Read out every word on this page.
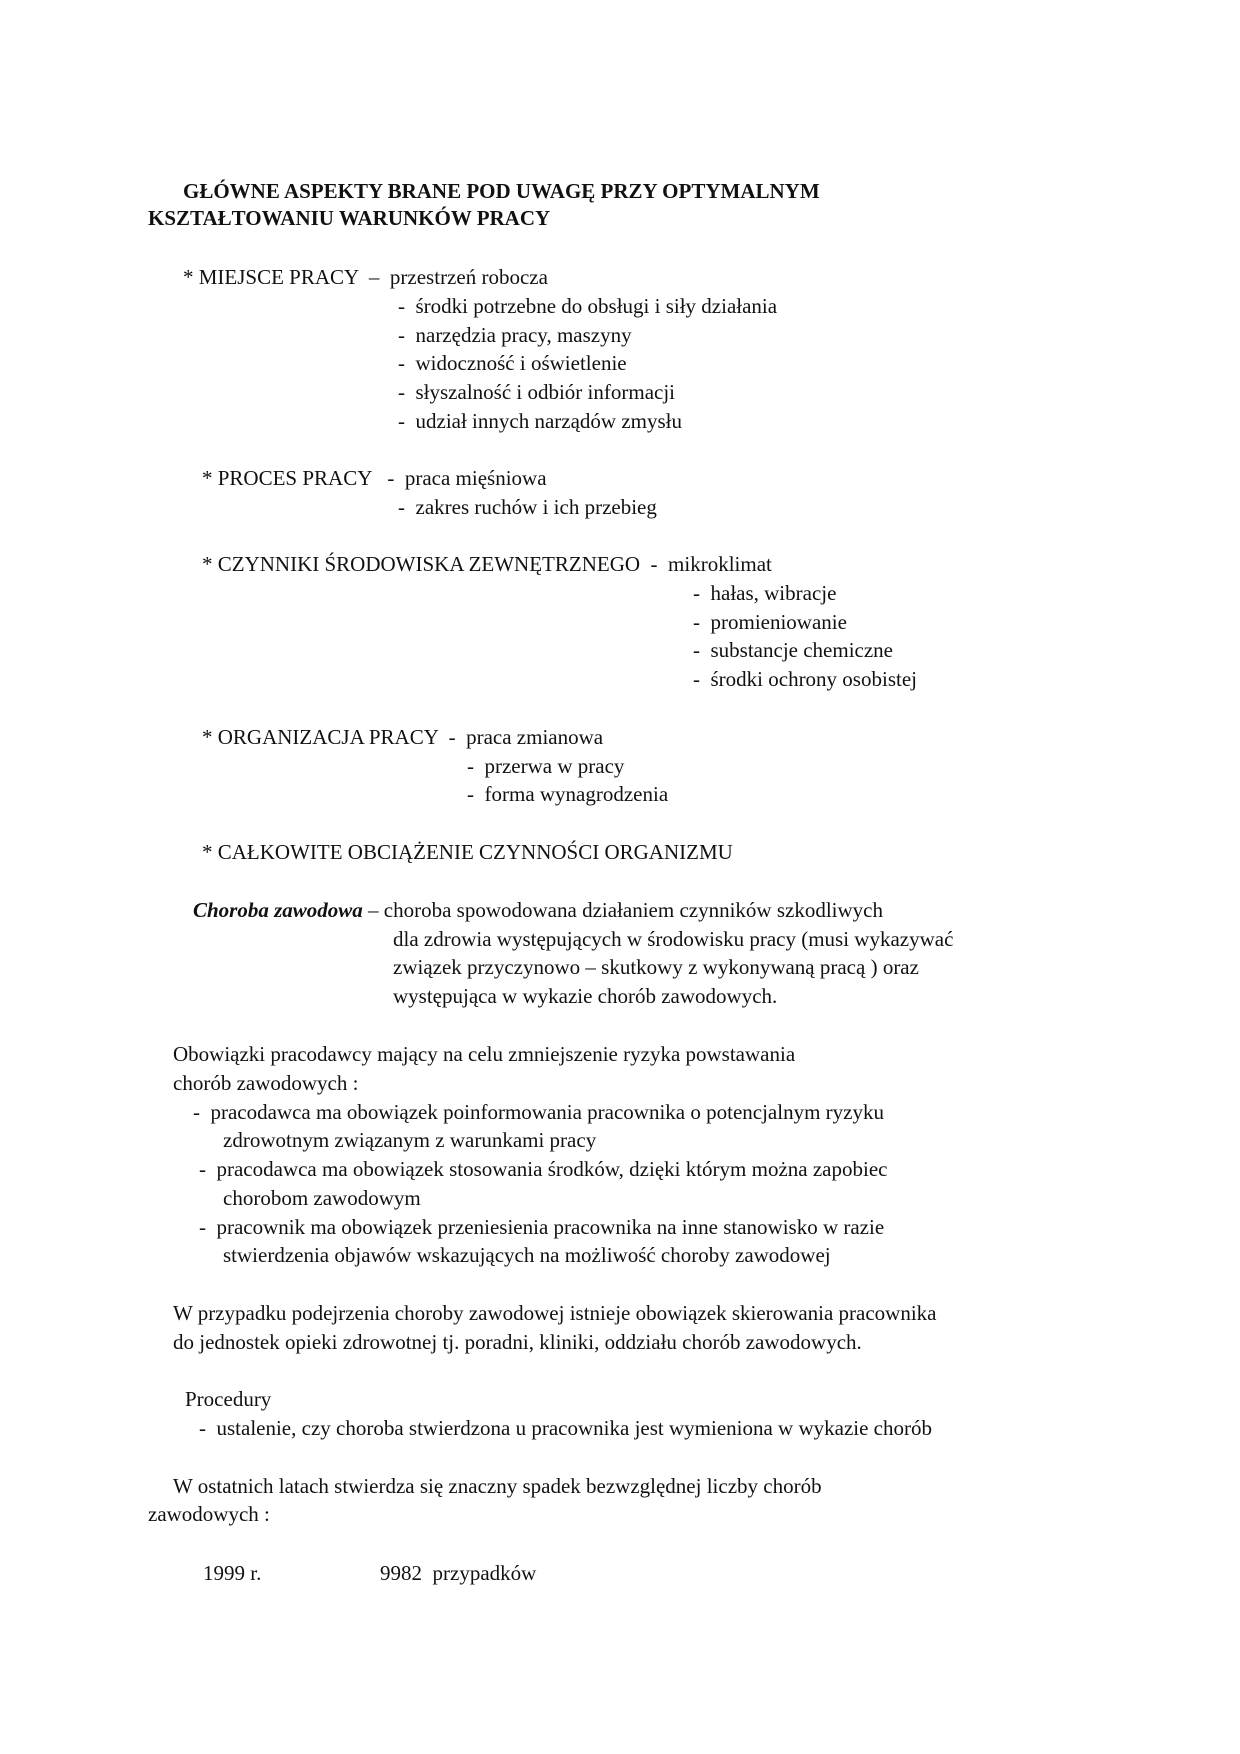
GŁÓWNE ASPEKTY BRANE POD UWAGĘ PRZY OPTYMALNYM
KSZTAŁTOWANIU WARUNKÓW PRACY
* MIEJSCE PRACY  –  przestrzeń robocza
-  środki potrzebne do obsługi i siły działania
-  narzędzia pracy, maszyny
-  widoczność i oświetlenie
-  słyszalność i odbiór informacji
-  udział innych narządów zmysłu
* PROCES PRACY   -  praca mięśniowa
-  zakres ruchów i ich przebieg
* CZYNNIKI ŚRODOWISKA ZEWNĘTRZNEGO  -  mikroklimat
-  hałas, wibracje
-  promieniowanie
-  substancje chemiczne
-  środki ochrony osobistej
* ORGANIZACJA PRACY  -  praca zmianowa
-  przerwa w pracy
-  forma wynagrodzenia
* CAŁKOWITE OBCIĄŻENIE CZYNNOŚCI ORGANIZMU
Choroba zawodowa – choroba spowodowana działaniem czynników szkodliwych
dla zdrowia występujących w środowisku pracy (musi wykazywać
związek przyczynowo – skutkowy z wykonywaną pracą ) oraz
występująca w wykazie chorób zawodowych.
Obowiązki pracodawcy mający na celu zmniejszenie ryzyka powstawania
chorób zawodowych :
-  pracodawca ma obowiązek poinformowania pracownika o potencjalnym ryzyku
zdrowotnym związanym z warunkami pracy
-  pracodawca ma obowiązek stosowania środków, dzięki którym można zapobiec
chorobom zawodowym
-  pracownik ma obowiązek przeniesienia pracownika na inne stanowisko w razie
stwierdzenia objawów wskazujących na możliwość choroby zawodowej
W przypadku podejrzenia choroby zawodowej istnieje obowiązek skierowania pracownika
do jednostek opieki zdrowotnej tj. poradni, kliniki, oddziału chorób zawodowych.
Procedury
-  ustalenie, czy choroba stwierdzona u pracownika jest wymieniona w wykazie chorób
W ostatnich latach stwierdza się znaczny spadek bezwzględnej liczby chorób
zawodowych :
1999 r.	9982  przypadków
